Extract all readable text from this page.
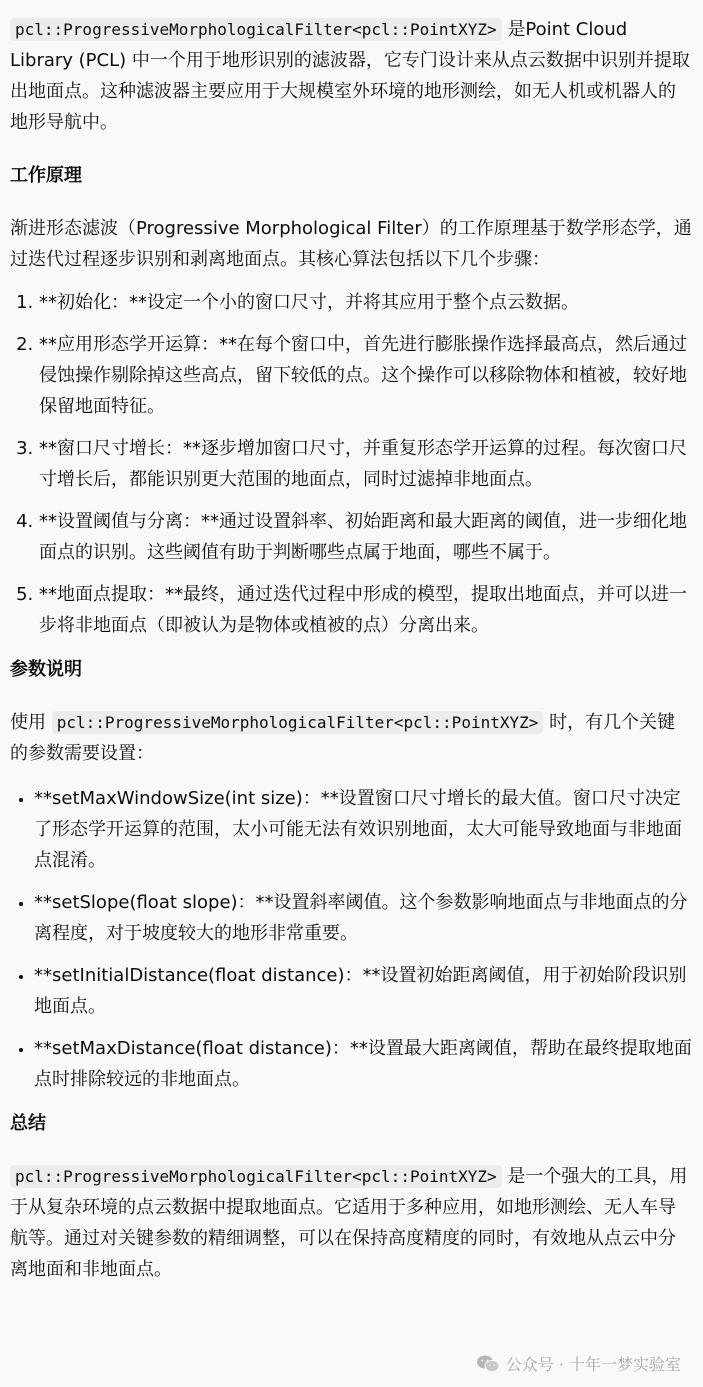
pcl::ProgressiveMorphologicalFilter<pcl::PointXYZ> 是Point Cloud Library (PCL) 中一个用于地形识别的滤波器，它专门设计来从点云数据中识别并提取出地面点。这种滤波器主要应用于大规模室外环境的地形测绘，如无人机或机器人的地形导航中。

工作原理

渐进形态滤波（Progressive Morphological Filter）的工作原理基于数学形态学，通过迭代过程逐步识别和剥离地面点。其核心算法包括以下几个步骤：

1. **初始化：**设定一个小的窗口尺寸，并将其应用于整个点云数据。
2. **应用形态学开运算：**在每个窗口中，首先进行膨胀操作选择最高点，然后通过侵蚀操作剔除掉这些高点，留下较低的点。这个操作可以移除物体和植被，较好地保留地面特征。
3. **窗口尺寸增长：**逐步增加窗口尺寸，并重复形态学开运算的过程。每次窗口尺寸增长后，都能识别更大范围的地面点，同时过滤掉非地面点。
4. **设置阈值与分离：**通过设置斜率、初始距离和最大距离的阈值，进一步细化地面点的识别。这些阈值有助于判断哪些点属于地面，哪些不属于。
5. **地面点提取：**最终，通过迭代过程中形成的模型，提取出地面点，并可以进一步将非地面点（即被认为是物体或植被的点）分离出来。
参数说明

使用 pcl::ProgressiveMorphologicalFilter<pcl::PointXYZ> 时，有几个关键的参数需要设置：

• **setMaxWindowSize(int size)：**设置窗口尺寸增长的最大值。窗口尺寸决定了形态学开运算的范围，太小可能无法有效识别地面，太大可能导致地面与非地面点混淆。
• **setSlope(float slope)：**设置斜率阈值。这个参数影响地面点与非地面点的分离程度，对于坡度较大的地形非常重要。
• **setInitialDistance(float distance)：**设置初始距离阈值，用于初始阶段识别地面点。
• **setMaxDistance(float distance)：**设置最大距离阈值，帮助在最终提取地面点时排除较远的非地面点。
总结

pcl::ProgressiveMorphologicalFilter<pcl::PointXYZ> 是一个强大的工具，用于从复杂环境的点云数据中提取地面点。它适用于多种应用，如地形测绘、无人车导航等。通过对关键参数的精细调整，可以在保持高度精度的同时，有效地从点云中分离地面和非地面点。

公众号 · 十年一梦实验室
